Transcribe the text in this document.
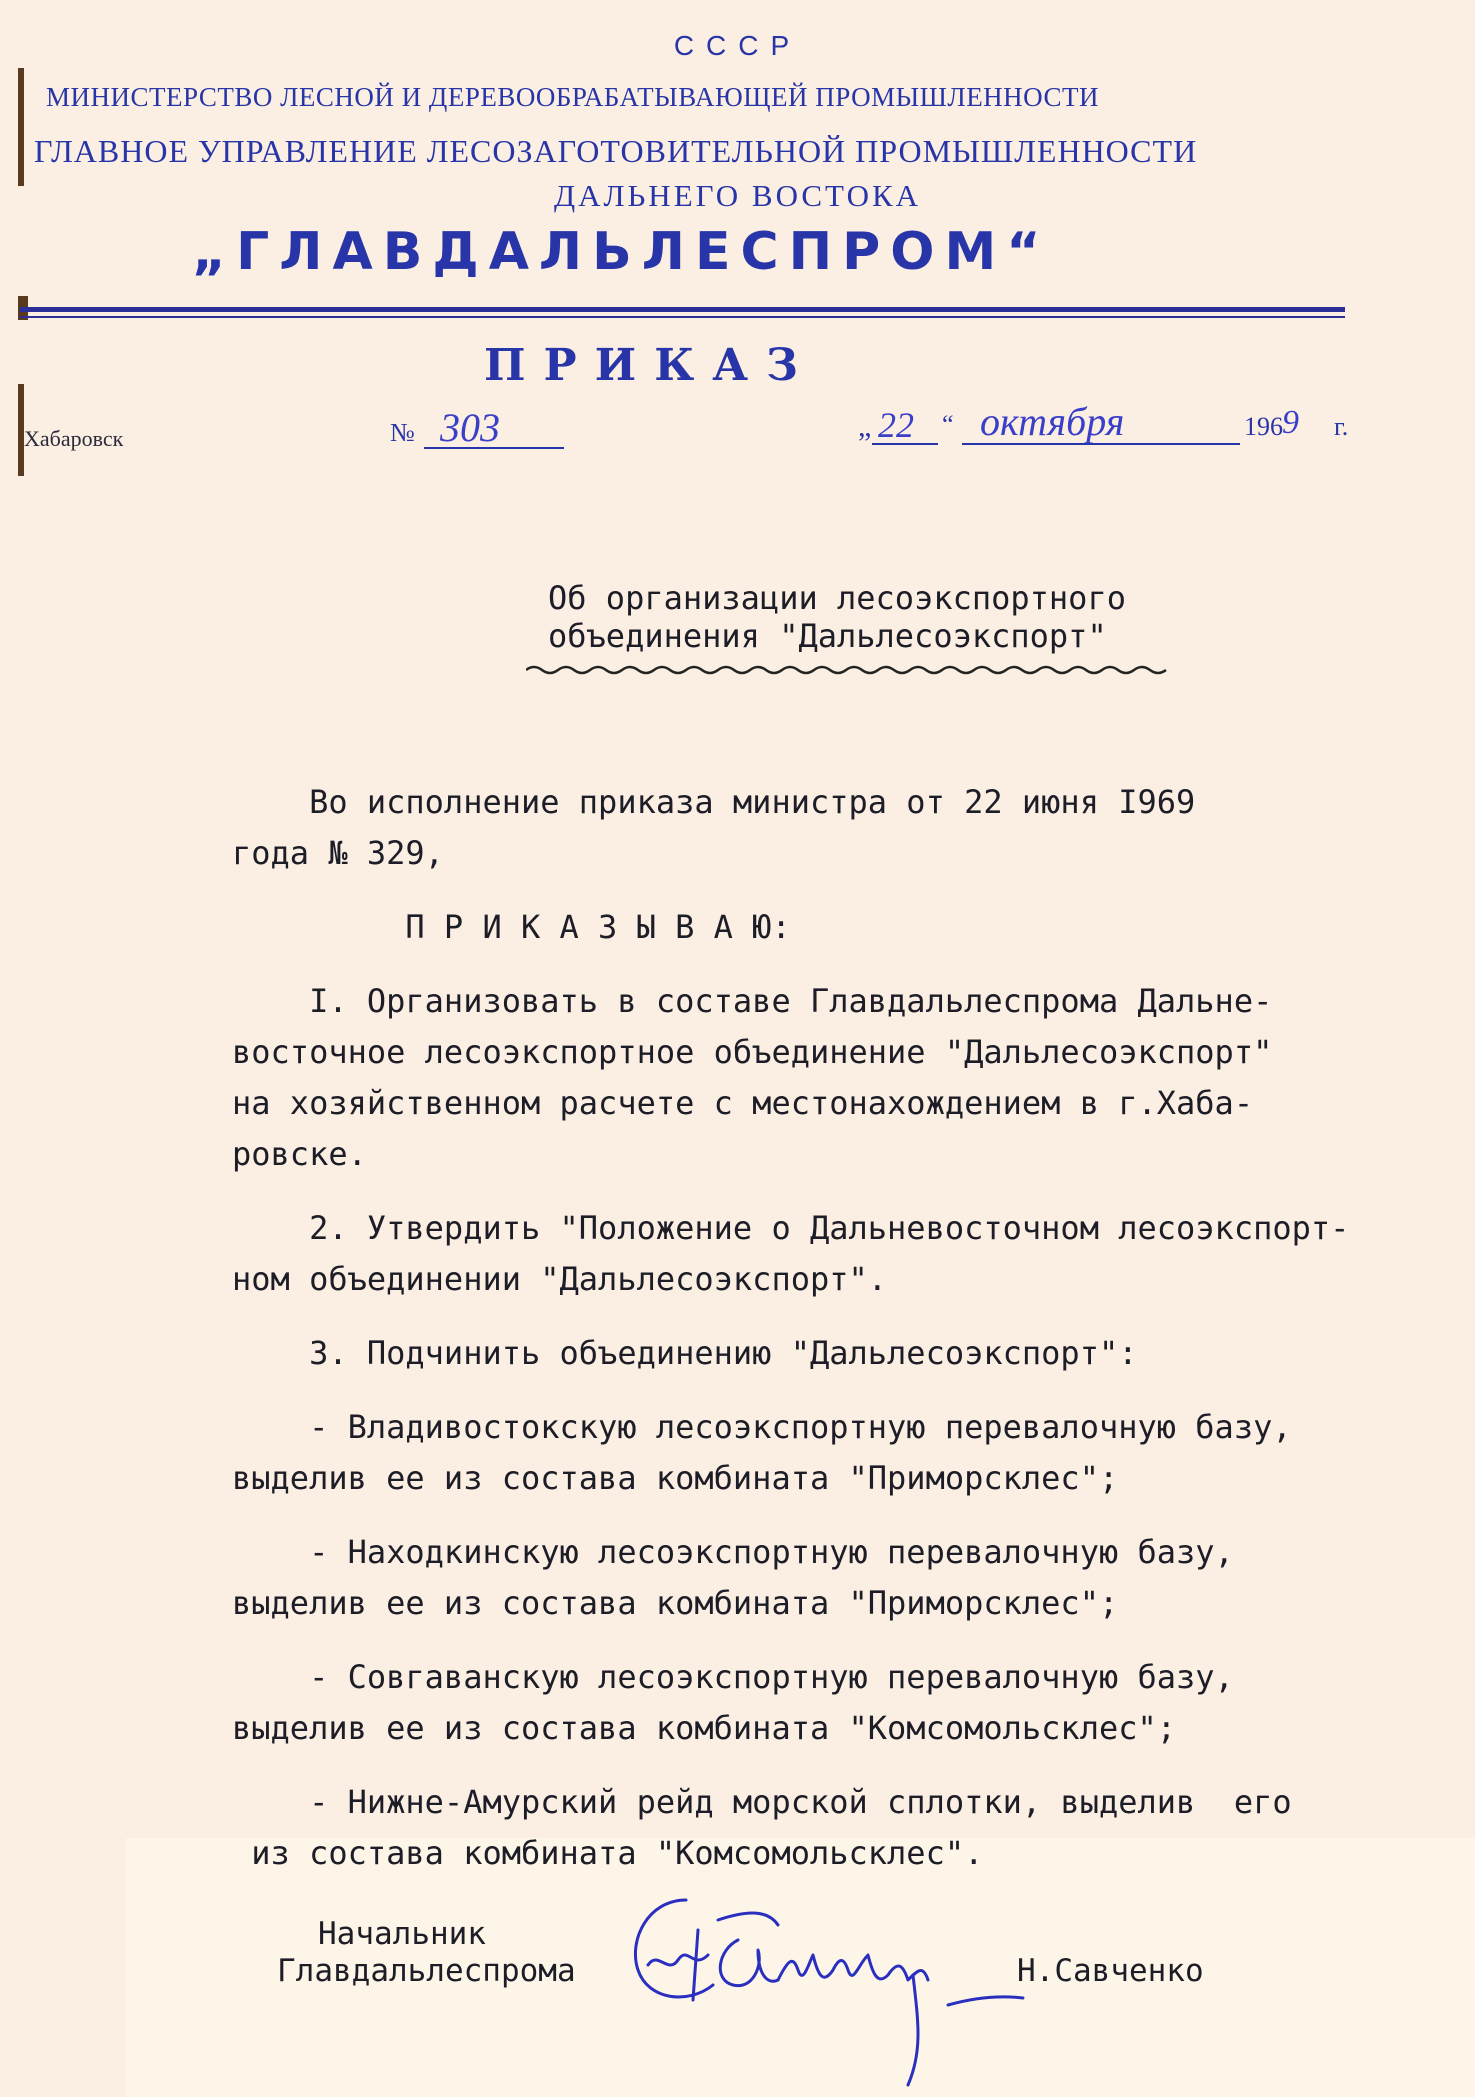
СССР
МИНИСТЕРСТВО ЛЕСНОЙ И ДЕРЕВООБРАБАТЫВАЮЩЕЙ ПРОМЫШЛЕННОСТИ
ГЛАВНОЕ УПРАВЛЕНИЕ ЛЕСОЗАГОТОВИТЕЛЬНОЙ ПРОМЫШЛЕННОСТИ
ДАЛЬНЕГО ВОСТОКА
„ГЛАВДАЛЬЛЕСПРОМ“
ПРИКАЗ
Хабаровск	№ 303	„ 22 “ октября	196 9 г.
Об организации лесоэкспортного
объединения "Дальлесоэкспорт"
Во исполнение приказа министра от 22 июня I969
года № 329,
П Р И К А З Ы В А Ю:
I. Организовать в составе Главдальлеспрома Дальне-
восточное лесоэкспортное объединение "Дальлесоэкспорт"
на хозяйственном расчете с местонахождением в г.Хаба-
ровске.
2. Утвердить "Положение о Дальневосточном лесоэкспорт-
ном объединении "Дальлесоэкспорт".
3. Подчинить объединению "Дальлесоэкспорт":
- Владивостокскую лесоэкспортную перевалочную базу,
выделив ее из состава комбината "Приморсклес";
- Находкинскую лесоэкспортную перевалочную базу,
выделив ее из состава комбината "Приморсклес";
- Совгаванскую лесоэкспортную перевалочную базу,
выделив ее из состава комбината "Комсомольсклес";
- Нижне-Амурский рейд морской сплотки, выделив  его
из состава комбината "Комсомольсклес".
Начальник
Главдальлеспрома	Н.Савченко
